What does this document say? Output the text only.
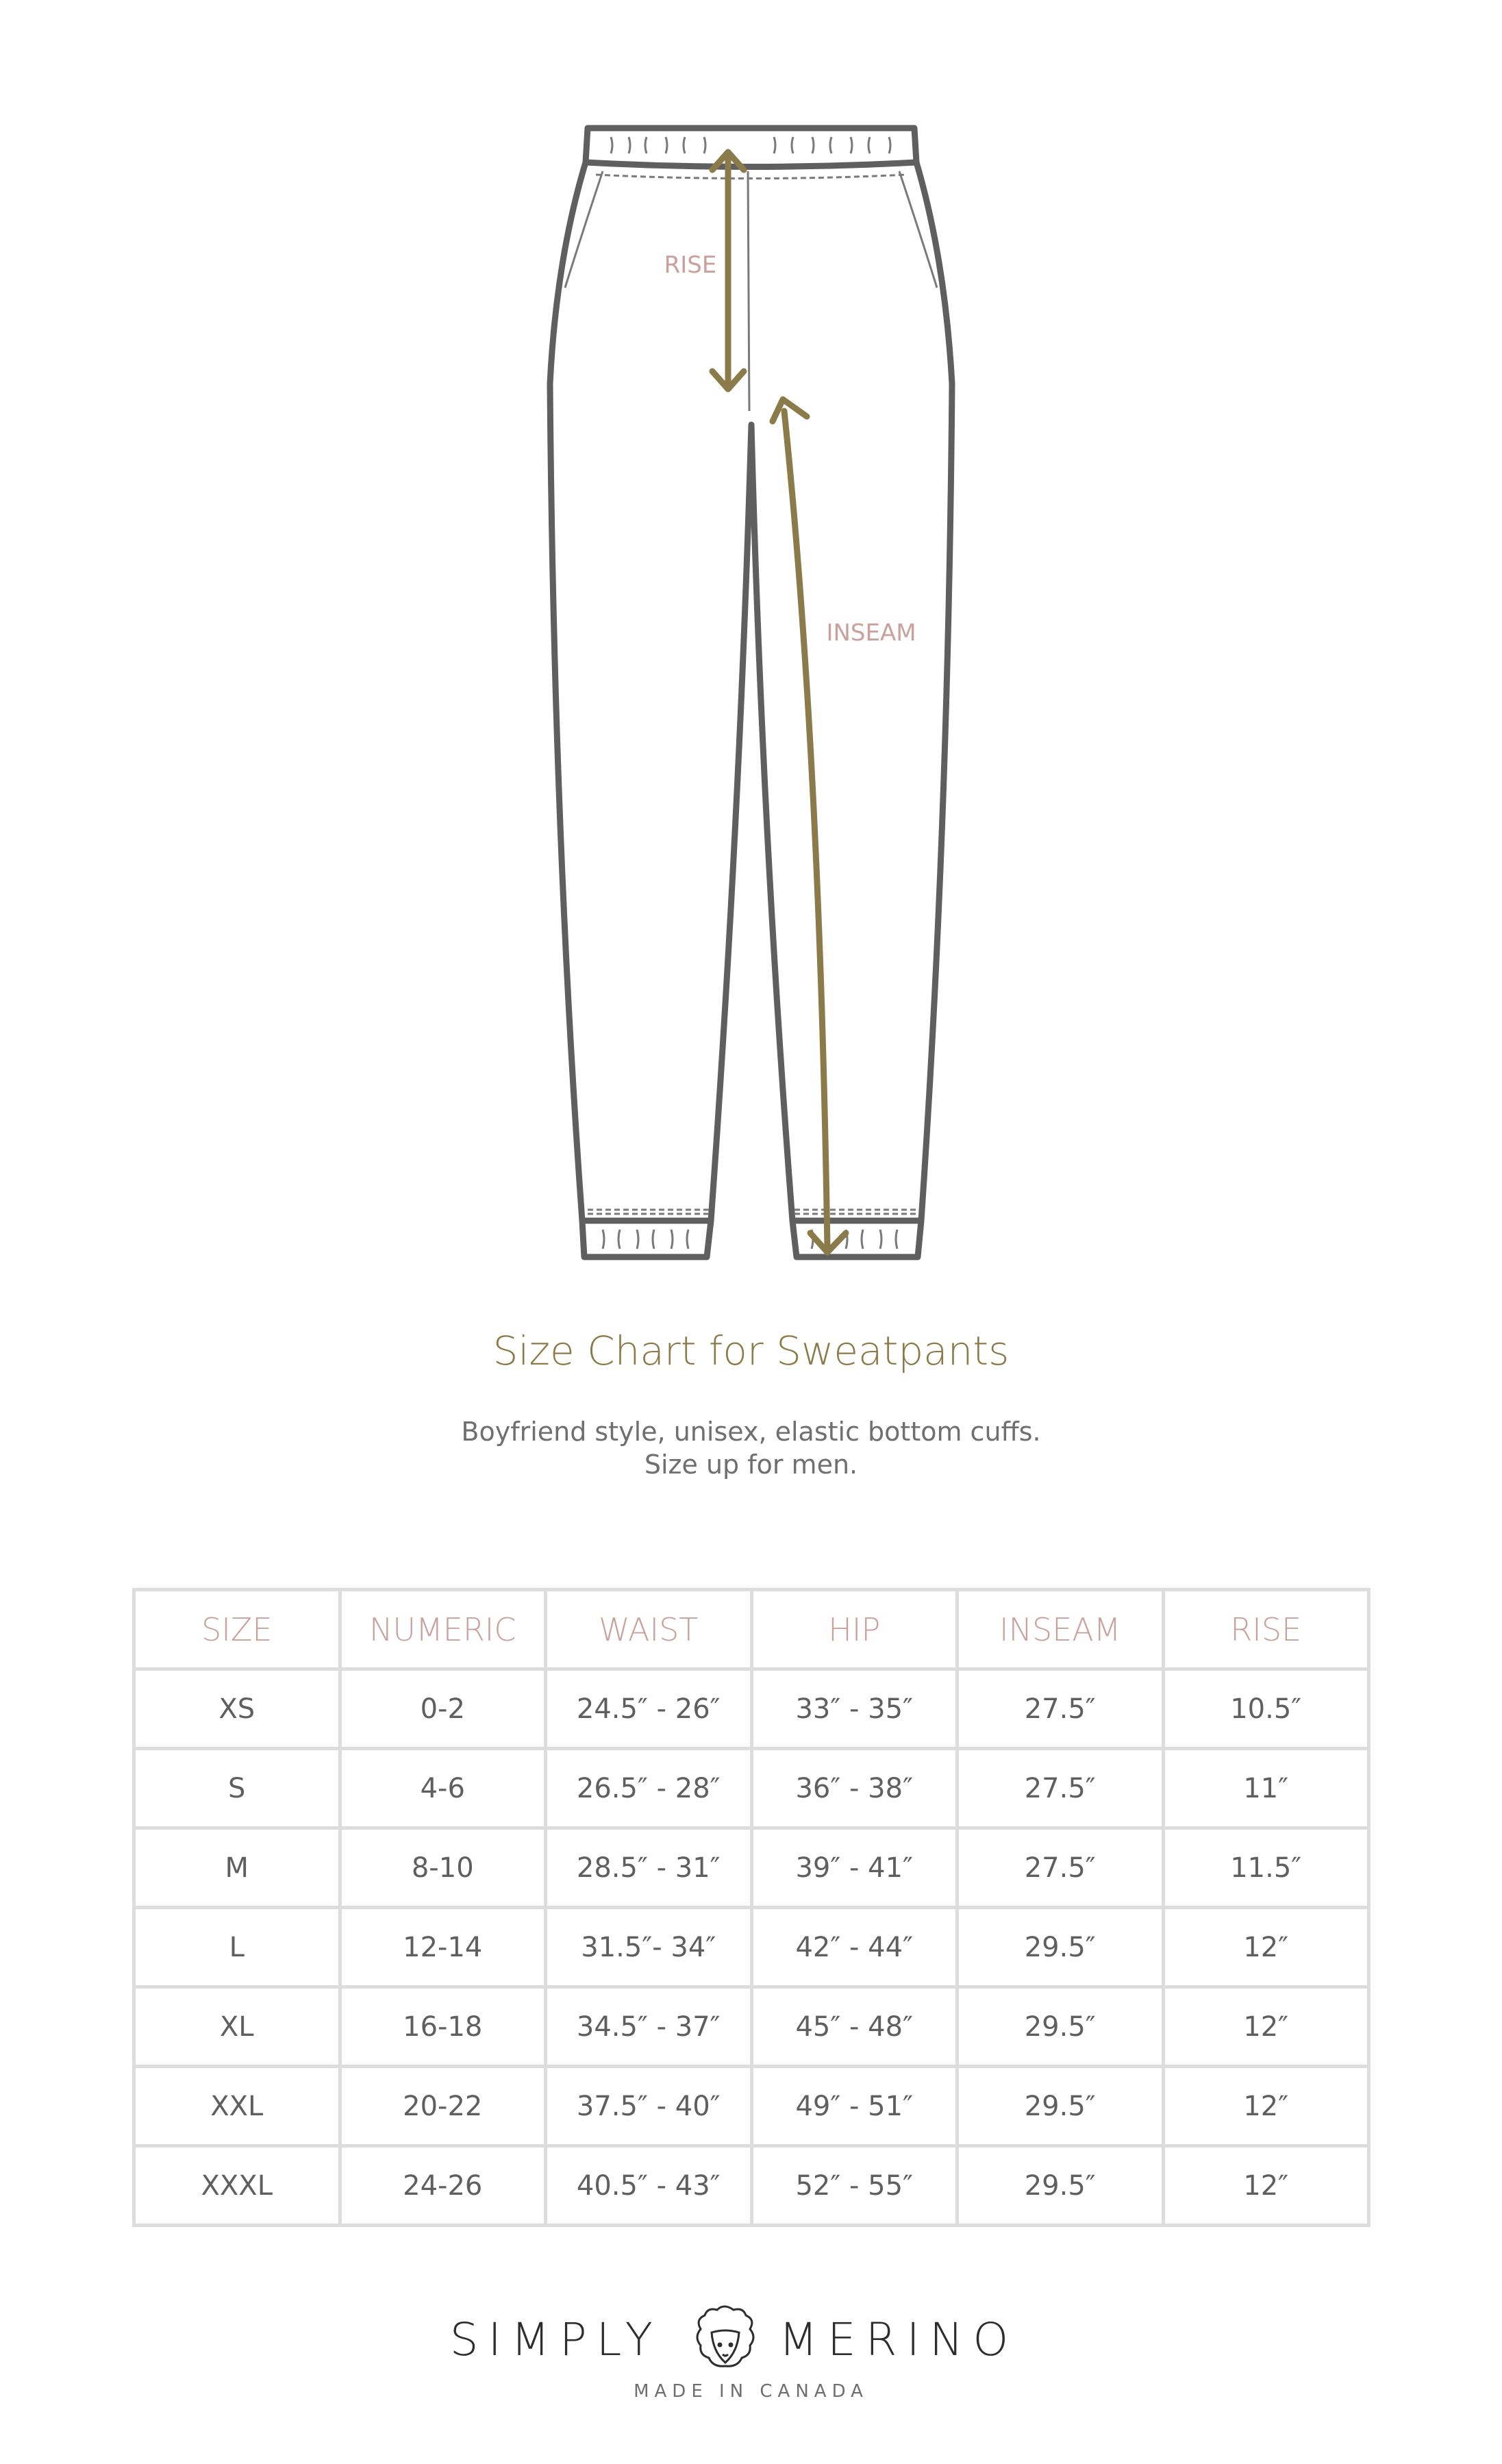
RISE
INSEAM
Size Chart for Sweatpants
Boyfriend style, unisex, elastic bottom cuffs.
Size up for men.
SIZE	NUMERIC	WAIST	HIP	INSEAM	RISE
XS	0-2	24.5″ - 26″	33″ - 35″	27.5″	10.5″
S	4-6	26.5″ - 28″	36″ - 38″	27.5″	11″
M	8-10	28.5″ - 31″	39″ - 41″	27.5″	11.5″
L	12-14	31.5″- 34″	42″ - 44″	29.5″	12″
XL	16-18	34.5″ - 37″	45″ - 48″	29.5″	12″
XXL	20-22	37.5″ - 40″	49″ - 51″	29.5″	12″
XXXL	24-26	40.5″ - 43″	52″ - 55″	29.5″	12″
SIMPLY	MERINO
MADE IN CANADA
